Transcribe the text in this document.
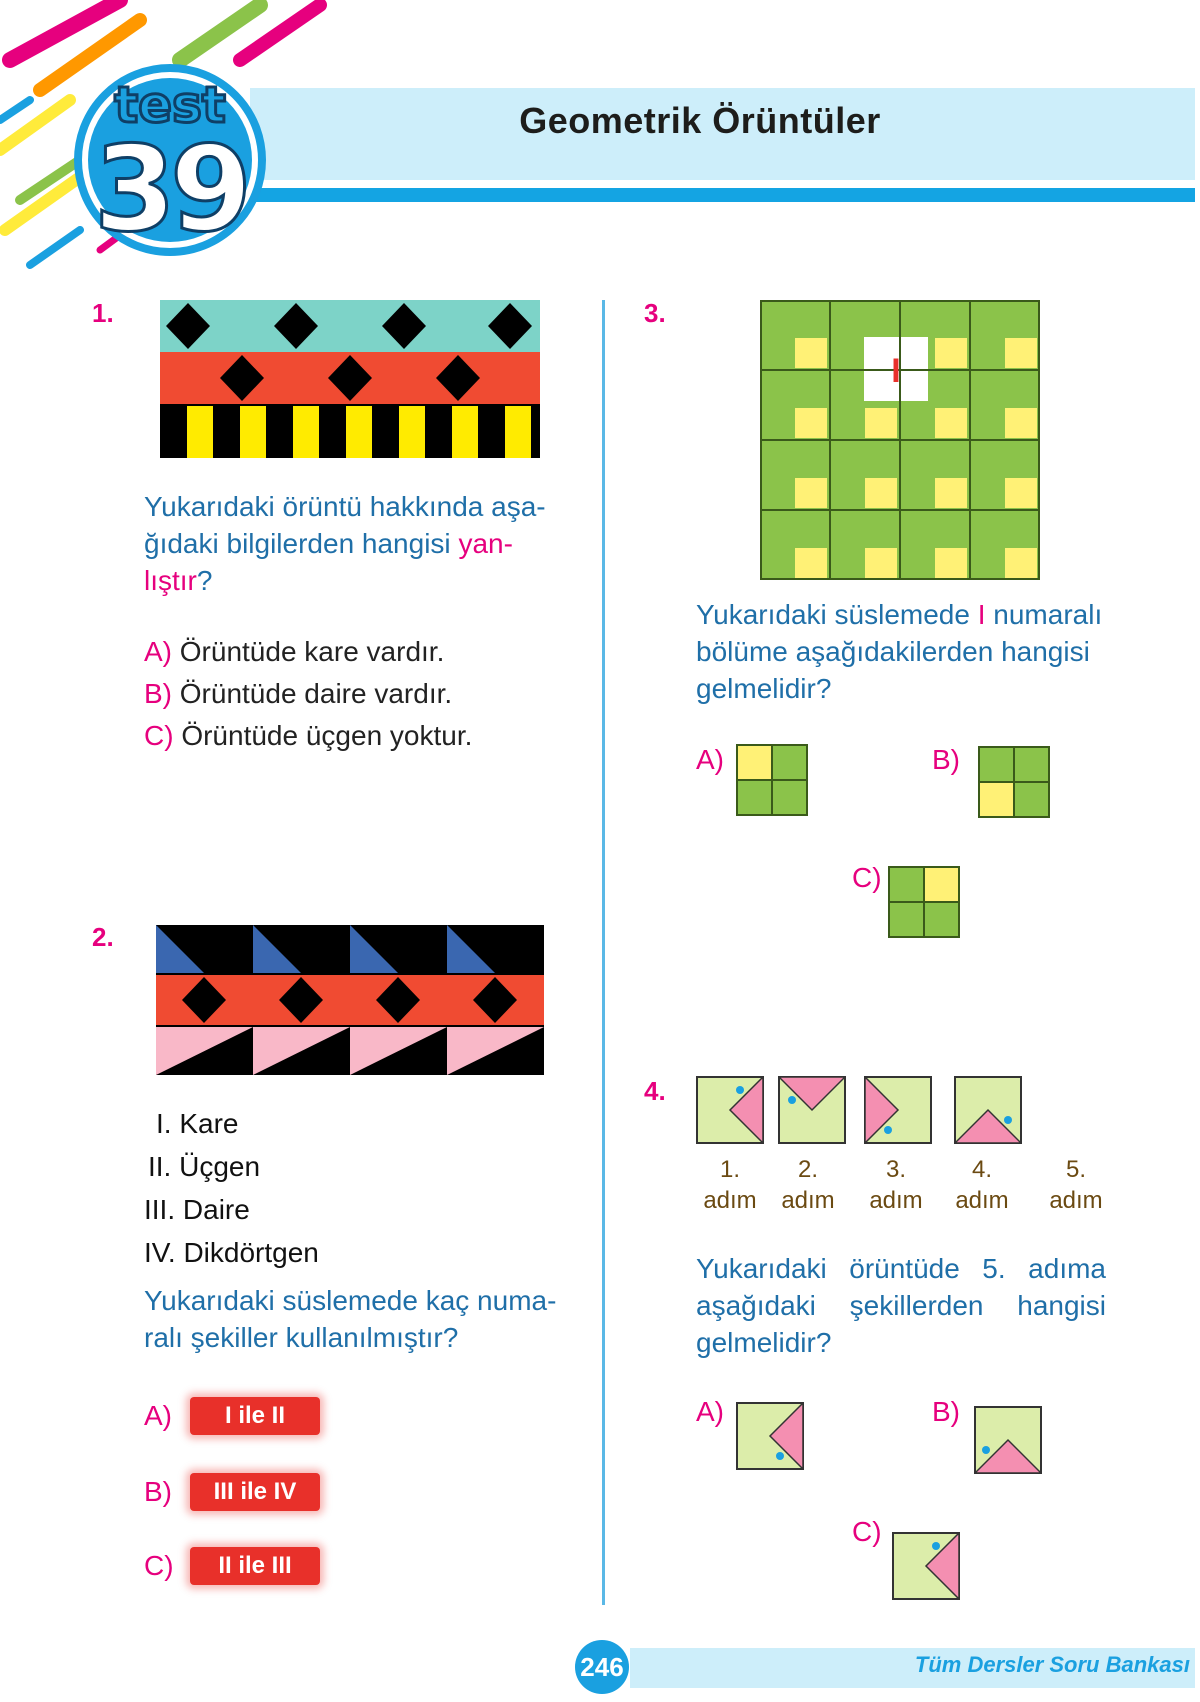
test
39	Geometrik Örüntüler
1.
Yukarıdaki örüntü hakkında aşa- ğıdaki bilgilerden hangisi yan- lıştır?
A) Örüntüde kare vardır.
B) Örüntüde daire vardır.
C) Örüntüde üçgen yoktur.
2.
I. Kare
II. Üçgen
III. Daire
IV. Dikdörtgen
Yukarıdaki süslemede kaç numa- ralı şekiller kullanılmıştır?
A)	I ile II
B)	III ile IV
C)	II ile III
3.
I
Yukarıdaki süslemede I numaralı bölüme aşağıdakilerden hangisi gelmelidir?
A)	B)
C)
4.
1.
adım
2.
adım
3.
adım
4.
adım
5.
adım
Yukarıdaki örüntüde 5. adıma aşağıdaki şekillerden hangisi gelmelidir?
A)	B)
C)
246	Tüm Dersler Soru Bankası
